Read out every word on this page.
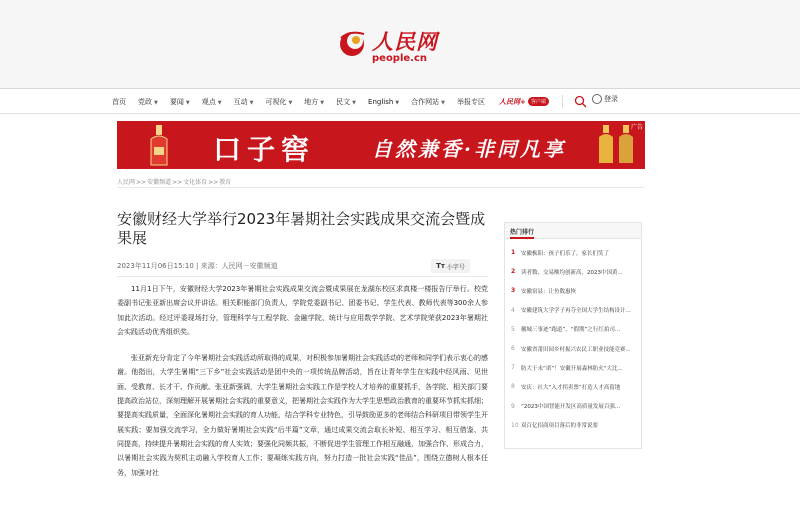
人民网
people.cn
首页 党政 ▼ 要闻 ▼ 观点 ▼ 互动 ▼ 可视化 ▼ 地方 ▼ 民文 ▼ English ▼ 合作网站 ▼ 举报专区 人民网+	客户端	登录
口子窖	自然兼香·非同凡享
广告
人民网>>安徽频道>>文化体育>>教育
安徽财经大学举行2023年暑期社会实践成果交流会暨成果展
2023年11月06日15:10 | 来源：人民网－安徽频道	Tт 小字号

11月1日下午，安徽财经大学2023年暑期社会实践成果交流会暨成果展在龙湖东校区求真楼一楼报告厅举行。校党委副书记张亚新出席会议并讲话。相关职能部门负责人，学院党委副书记、团委书记、学生代表、教师代表等300余人参加此次活动。经过评委现场打分，管理科学与工程学院、金融学院、统计与应用数学学院、艺术学院荣获2023年暑期社会实践活动优秀组织奖。

张亚新充分肯定了今年暑期社会实践活动所取得的成果，对积极参加暑期社会实践活动的老师和同学们表示衷心的感谢。他指出，大学生暑期“三下乡”社会实践活动是团中央的一项传统品牌活动，旨在让青年学生在实践中经风雨、见世面、受教育、长才干、作贡献。张亚新强调，大学生暑期社会实践工作是学校人才培养的重要抓手，各学院、相关部门要提高政治站位，深刻理解开展暑期社会实践的重要意义，把暑期社会实践作为大学生思想政治教育的重要环节抓实抓细；要提高实践质量，全面深化暑期社会实践的育人功能，结合学科专业特色，引导鼓励更多的老师结合科研项目带领学生开展实践；要加强交流学习，全力做好暑期社会实践“后半篇”文章，通过成果交流会取长补短、相互学习、相互借鉴、共同提高，持续提升暑期社会实践的育人实效；要强化同频共振，不断促进学生管理工作相互融通，加强合作、形成合力，以暑期社会实践为契机主动融入学校育人工作；要凝练实践方向，努力打造一批社会实践“佳品”，围绕立德树人根本任务，加强对社

热门排行
1	安徽枞阳：孩子们乐了，家长们笑了
2	读者数、交易额均创新高，2023中国黄...
3	安徽宿县：让鱼数惠恢
4	安徽建筑大学学子再夺全国大学生结构设计...
5	徽城三事迹“跑道”，“假期”之行红拍司...
6	安徽省莆田园乡村振兴农民工职业技能竞赛...
7	防大于未“诺”！安徽开展森林防火“大比...
8	安庆：社大“入才拐卖票”打造人才高留地
9	“2023中国智能开发区高质量发展百强...
10 双百亿招商项目落后的非常说要
